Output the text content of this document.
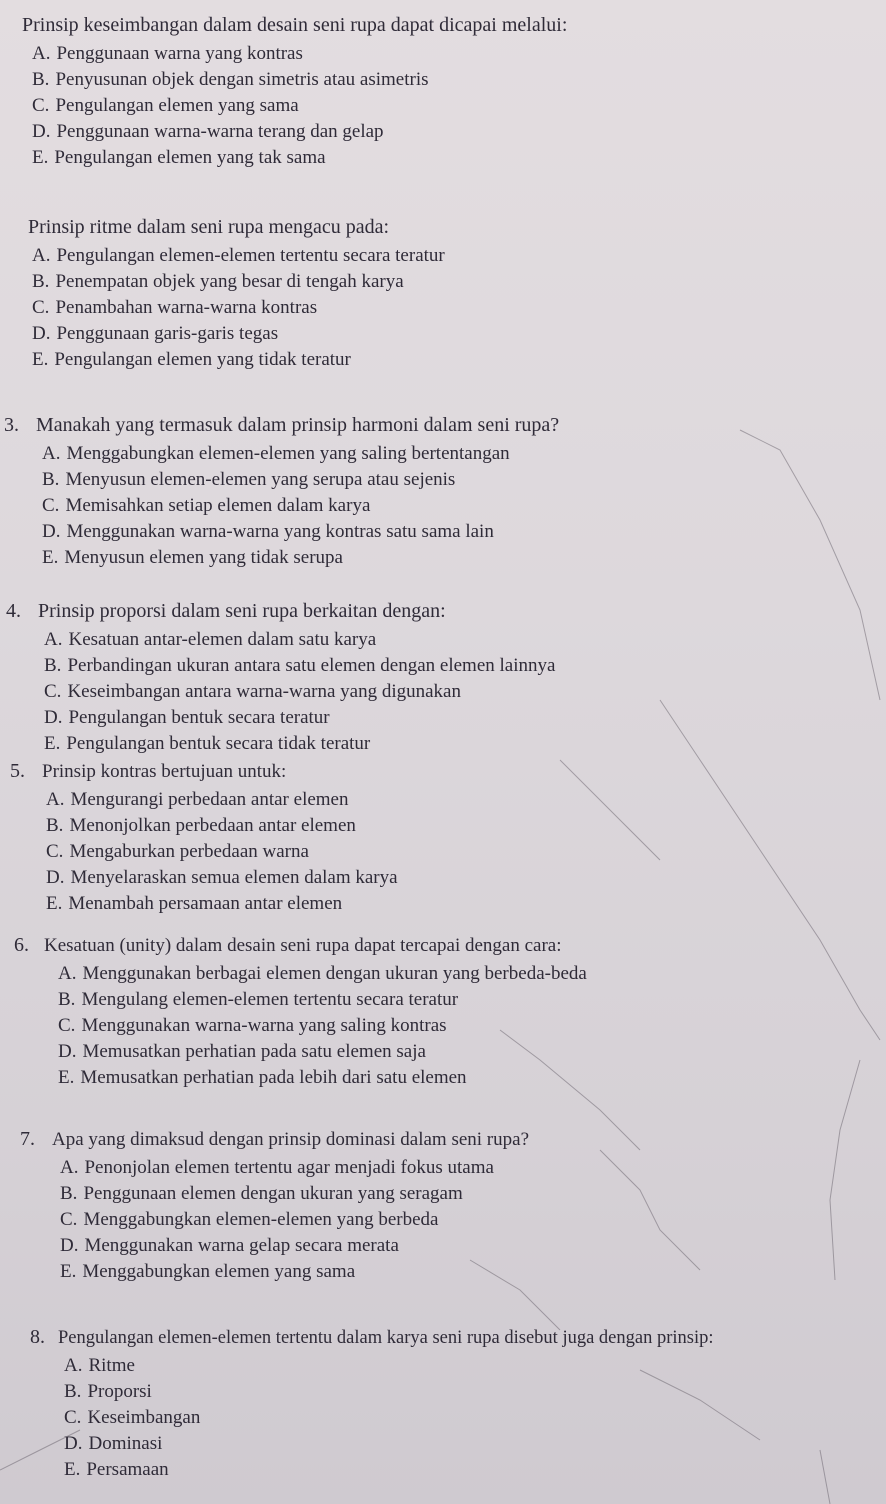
Prinsip keseimbangan dalam desain seni rupa dapat dicapai melalui:
A. Penggunaan warna yang kontras
B. Penyusunan objek dengan simetris atau asimetris
C. Pengulangan elemen yang sama
D. Penggunaan warna-warna terang dan gelap
E. Pengulangan elemen yang tak sama
Prinsip ritme dalam seni rupa mengacu pada:
A. Pengulangan elemen-elemen tertentu secara teratur
B. Penempatan objek yang besar di tengah karya
C. Penambahan warna-warna kontras
D. Penggunaan garis-garis tegas
E. Pengulangan elemen yang tidak teratur
3. Manakah yang termasuk dalam prinsip harmoni dalam seni rupa?
A. Menggabungkan elemen-elemen yang saling bertentangan
B. Menyusun elemen-elemen yang serupa atau sejenis
C. Memisahkan setiap elemen dalam karya
D. Menggunakan warna-warna yang kontras satu sama lain
E. Menyusun elemen yang tidak serupa
4. Prinsip proporsi dalam seni rupa berkaitan dengan:
A. Kesatuan antar-elemen dalam satu karya
B. Perbandingan ukuran antara satu elemen dengan elemen lainnya
C. Keseimbangan antara warna-warna yang digunakan
D. Pengulangan bentuk secara teratur
E. Pengulangan bentuk secara tidak teratur
5. Prinsip kontras bertujuan untuk:
A. Mengurangi perbedaan antar elemen
B. Menonjolkan perbedaan antar elemen
C. Mengaburkan perbedaan warna
D. Menyelaraskan semua elemen dalam karya
E. Menambah persamaan antar elemen
6. Kesatuan (unity) dalam desain seni rupa dapat tercapai dengan cara:
A. Menggunakan berbagai elemen dengan ukuran yang berbeda-beda
B. Mengulang elemen-elemen tertentu secara teratur
C. Menggunakan warna-warna yang saling kontras
D. Memusatkan perhatian pada satu elemen saja
E. Memusatkan perhatian pada lebih dari satu elemen
7. Apa yang dimaksud dengan prinsip dominasi dalam seni rupa?
A. Penonjolan elemen tertentu agar menjadi fokus utama
B. Penggunaan elemen dengan ukuran yang seragam
C. Menggabungkan elemen-elemen yang berbeda
D. Menggunakan warna gelap secara merata
E. Menggabungkan elemen yang sama
8. Pengulangan elemen-elemen tertentu dalam karya seni rupa disebut juga dengan prinsip:
A. Ritme
B. Proporsi
C. Keseimbangan
D. Dominasi
E. Persamaan
